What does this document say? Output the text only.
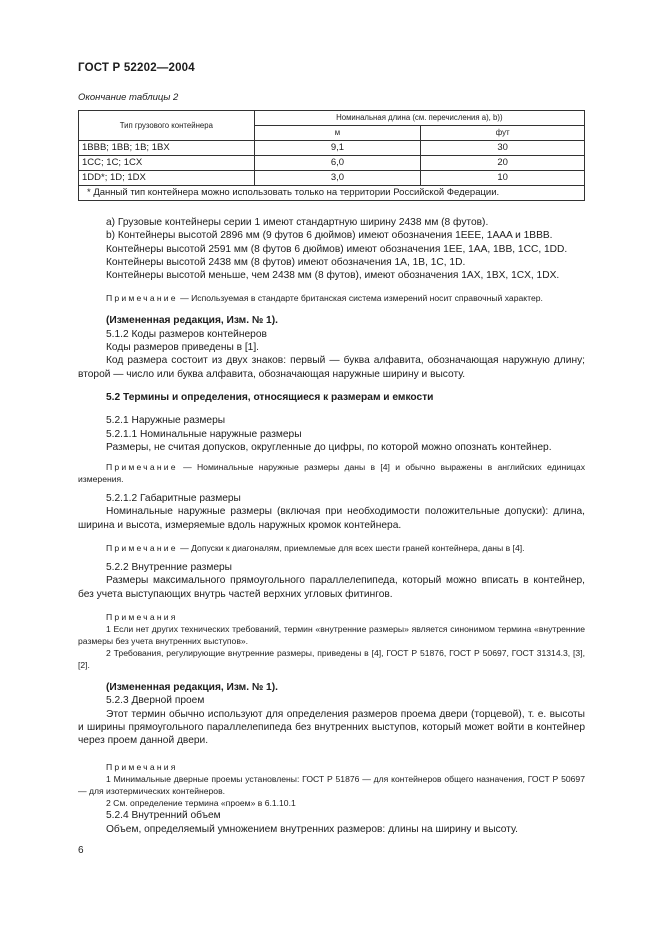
ГОСТ Р 52202—2004
Окончание таблицы 2
Тип грузового контейнера	Номинальная длина (см. перечисления a), b))	
	м	фут
1BBB; 1BB; 1B; 1BX	9,1	30
1CC; 1C; 1CX	6,0	20
1DD*; 1D; 1DX	3,0	10
* Данный тип контейнера можно использовать только на территории Российской Федерации.		

a) Грузовые контейнеры серии 1 имеют стандартную ширину 2438 мм (8 футов).

b) Контейнеры высотой 2896 мм (9 футов 6 дюймов) имеют обозначения 1EEE, 1AAA и 1BBB.

Контейнеры высотой 2591 мм (8 футов 6 дюймов) имеют обозначения 1EE, 1AA, 1BB, 1CC, 1DD.

Контейнеры высотой 2438 мм (8 футов) имеют обозначения 1A, 1B, 1C, 1D.

Контейнеры высотой меньше, чем 2438 мм (8 футов), имеют обозначения 1AX, 1BX, 1CX, 1DX.

Примечание — Используемая в стандарте британская система измерений носит справочный характер.

(Измененная редакция, Изм. № 1).

5.1.2 Коды размеров контейнеров

Коды размеров приведены в [1].

Код размера состоит из двух знаков: первый — буква алфавита, обозначающая наружную длину; второй — число или буква алфавита, обозначающая наружные ширину и высоту.

5.2 Термины и определения, относящиеся к размерам и емкости

5.2.1 Наружные размеры

5.2.1.1 Номинальные наружные размеры

Размеры, не считая допусков, округленные до цифры, по которой можно опознать контейнер.

Примечание — Номинальные наружные размеры даны в [4] и обычно выражены в английских единицах измерения.

5.2.1.2 Габаритные размеры

Номинальные наружные размеры (включая при необходимости положительные допуски): длина, ширина и высота, измеряемые вдоль наружных кромок контейнера.

Примечание — Допуски к диагоналям, приемлемые для всех шести граней контейнера, даны в [4].

5.2.2 Внутренние размеры

Размеры максимального прямоугольного параллелепипеда, который можно вписать в контейнер, без учета выступающих внутрь частей верхних угловых фитингов.

Примечания

1 Если нет других технических требований, термин «внутренние размеры» является синонимом термина «внутренние размеры без учета внутренних выступов».

2 Требования, регулирующие внутренние размеры, приведены в [4], ГОСТ Р 51876, ГОСТ Р 50697, ГОСТ 31314.3, [3], [2].

(Измененная редакция, Изм. № 1).

5.2.3 Дверной проем

Этот термин обычно используют для определения размеров проема двери (торцевой), т. е. высоты и ширины прямоугольного параллелепипеда без внутренних выступов, который может войти в контейнер через проем данной двери.

Примечания

1 Минимальные дверные проемы установлены: ГОСТ Р 51876 — для контейнеров общего назначения, ГОСТ Р 50697 — для изотермических контейнеров.

2 См. определение термина «проем» в 6.1.10.1

5.2.4 Внутренний объем

Объем, определяемый умножением внутренних размеров: длины на ширину и высоту.

6
